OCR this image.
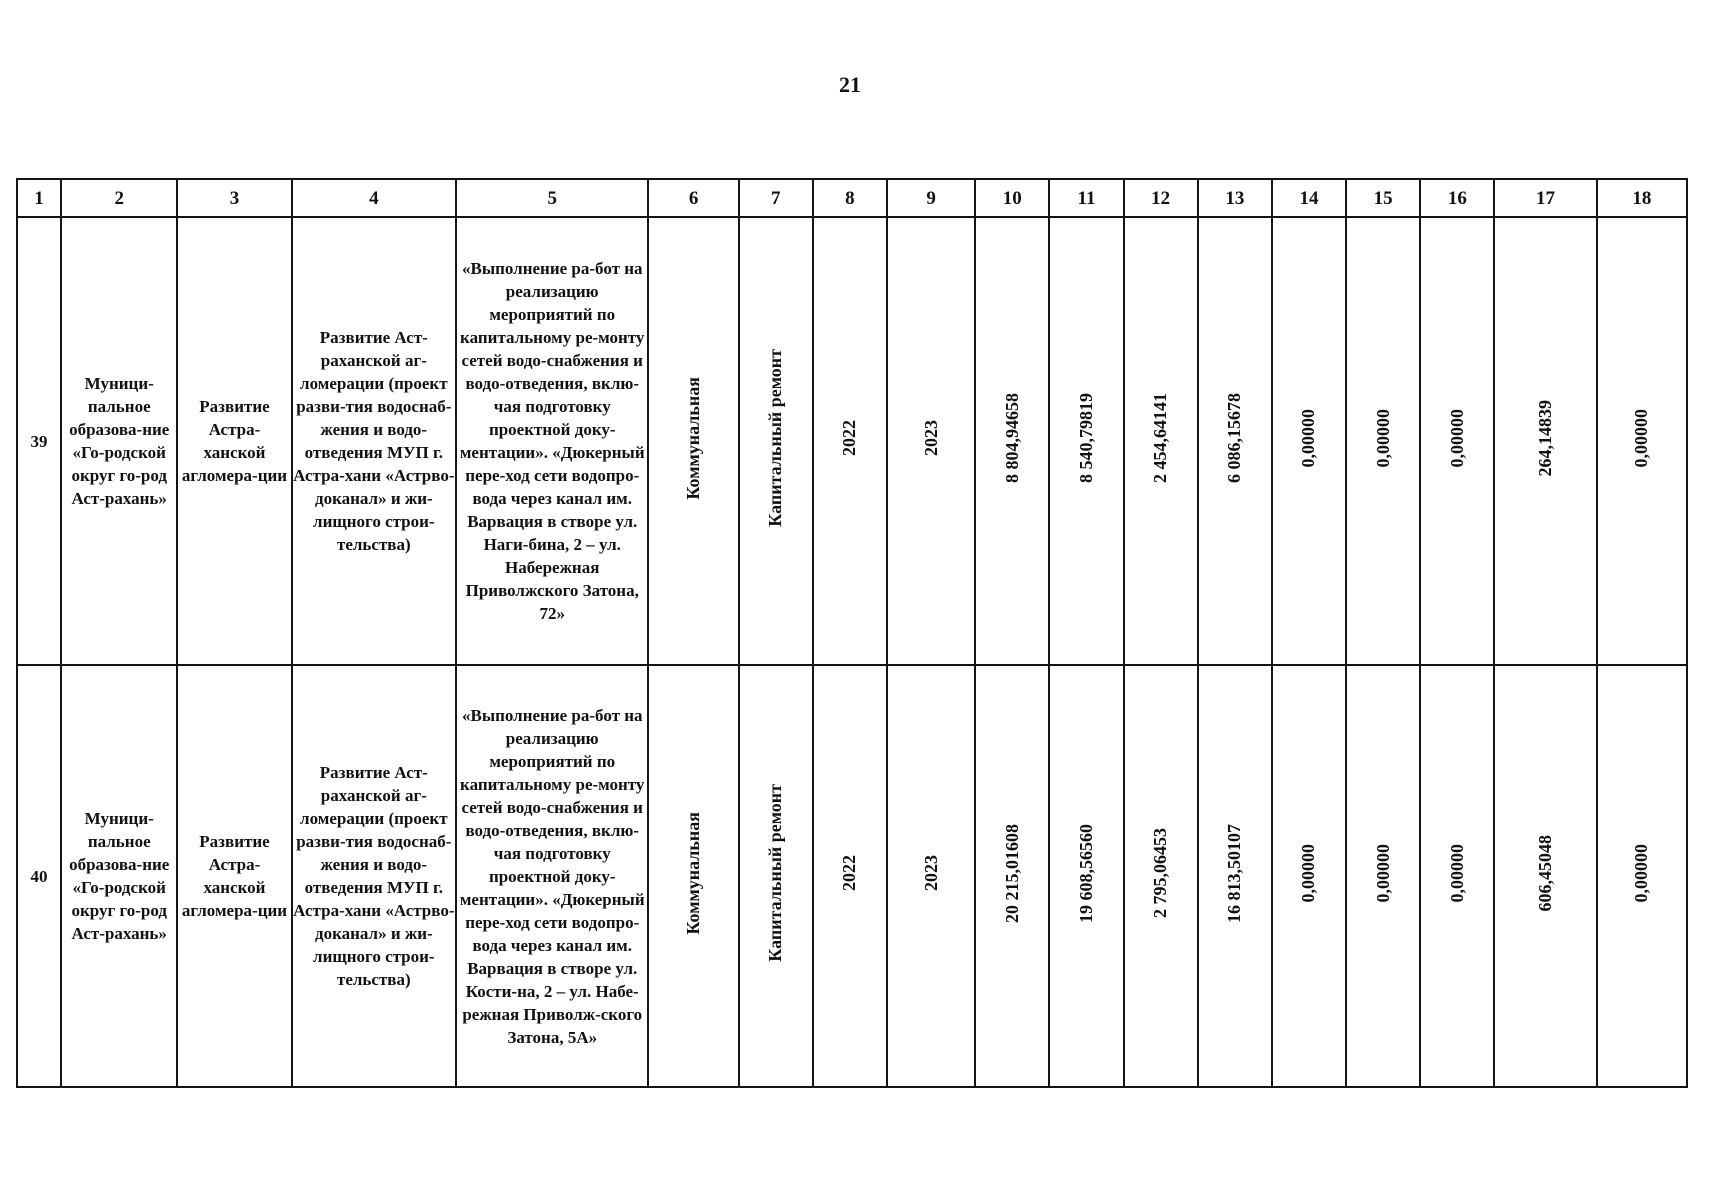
21
1	2	3	4	5	6	7	8	9	10	11	12	13	14	15	16	17	18
39	Муници-пальное образова-ние «Го-родской округ го-род Аст-рахань»	Развитие Астра-ханской агломера-ции	Развитие Аст-раханской аг-ломерации (проект разви-тия водоснаб-жения и водо-отведения МУП г. Астра-хани «Астрво-доканал» и жи-лищного строи-тельства)	«Выполнение ра-бот на реализацию мероприятий по капитальному ре-монту сетей водо-снабжения и водо-отведения, вклю-чая подготовку проектной доку-ментации». «Дюкерный пере-ход сети водопро-вода через канал им. Варвация в створе ул. Наги-бина, 2 – ул. Набережная Приволжского Затона, 72»	Коммунальная	Капитальный ремонт	2022	2023	8 804,94658	8 540,79819	2 454,64141	6 086,15678	0,00000	0,00000	0,00000	264,14839	0,00000
40	Муници-пальное образова-ние «Го-родской округ го-род Аст-рахань»	Развитие Астра-ханской агломера-ции	Развитие Аст-раханской аг-ломерации (проект разви-тия водоснаб-жения и водо-отведения МУП г. Астра-хани «Астрво-доканал» и жи-лищного строи-тельства)	«Выполнение ра-бот на реализацию мероприятий по капитальному ре-монту сетей водо-снабжения и водо-отведения, вклю-чая подготовку проектной доку-ментации». «Дюкерный пере-ход сети водопро-вода через канал им. Варвация в створе ул. Кости-на, 2 – ул. Набе-режная Приволж-ского Затона, 5А»	Коммунальная	Капитальный ремонт	2022	2023	20 215,01608	19 608,56560	2 795,06453	16 813,50107	0,00000	0,00000	0,00000	606,45048	0,00000
